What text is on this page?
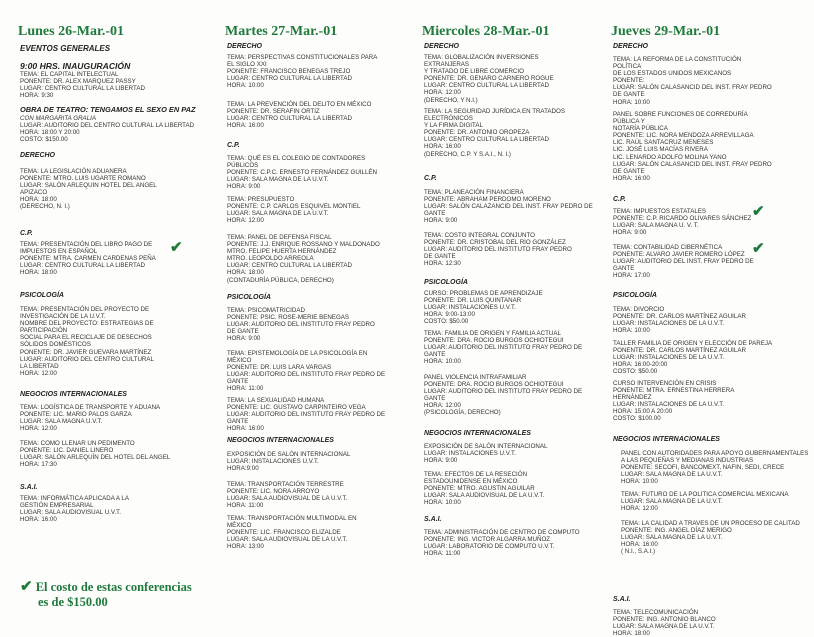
Lunes 26-Mar.-01
EVENTOS GENERALES
9:00 HRS. INAUGURACIÓN
TEMA: EL CAPITAL INTELECTUAL
PONENTE: DR. ALEX MARQUEZ PASSY
LUGAR: CENTRO CULTURAL LA LIBERTAD
HORA: 9:30
OBRA DE TEATRO: TENGAMOS EL SEXO EN PAZ
CON MARGARITA GRALIA
LUGAR: AUDITORIO DEL CENTRO CULTURAL LA LIBERTAD
HORA: 18:00 Y 20:00
COSTO: $150.00
DERECHO
TEMA: LA LEGISLACIÓN ADUANERA
PONENTE: MTRO. LUIS UGARTE ROMANO
LUGAR: SALÓN ARLEQUIN HOTEL DEL ANGEL
APIZACO
HORA: 18:00
(DERECHO, N. I.)
C.P.
TEMA: PRESENTACIÓN DEL LIBRO PAGO DE
IMPUESTOS EN ESPAÑOL
PONENTE: MTRA. CARMEN CARDENAS PEÑA
LUGAR: CENTRO CULTURAL LA LIBERTAD
HORA: 18:00
PSICOLOGÍA
TEMA: PRESENTACIÓN DEL PROYECTO DE
INVESTIGACIÓN DE LA U.V.T.
NOMBRE DEL PROYECTO: ESTRATEGIAS DE
PARTICIPACIÓN
SOCIAL PARA EL RECICLAJE DE DESECHOS
SÓLIDOS DOMÉSTICOS
PONENTE: DR. JAVIER GUEVARA MARTÍNEZ
LUGAR: AUDITORIO DEL CENTRO CULTURAL
LA LIBERTAD
HORA: 12:00
NEGOCIOS INTERNACIONALES
TEMA: LOGÍSTICA DE TRANSPORTE Y ADUANA
PONENTE: LIC. MARIO PALOS GARZA
LUGAR: SALA MAGNA U.V.T.
HORA: 12:00
TEMA: COMO LLENAR UN PEDIMENTO
PONENTE: LIC. DANIEL LINERO
LUGAR: SALÓN ARLEQUÍN DEL HOTEL DEL ANGEL
HORA: 17:30
S.A.I.
TEMA: INFORMÁTICA APLICADA A LA
GESTIÓN EMPRESARIAL
LUGAR: SALA AUDIOVISUAL U.V.T.
HORA: 16:00
Martes 27-Mar.-01
DERECHO
TEMA: PERSPECTIVAS CONSTITUCIONALES PARA
EL SIGLO XXI
PONENTE: FRANCISCO BENEGAS TREJO
LUGAR: CENTRO CULTURAL LA LIBERTAD
HORA: 10:00
TEMA: LA PREVENCIÓN DEL DELITO EN MÉXICO
PONENTE: DR. SERAFIN ORTIZ
LUGAR: CENTRO CULTURAL LA LIBERTAD
HORA: 16:00
C.P.
TEMA: QUÉ ES EL COLEGIO DE CONTADORES
PÚBLICOS
PONENTE: C.P.C. ERNESTO FERNÁNDEZ GUILLÉN
LUGAR: SALA MAGNA DE LA U.V.T.
HORA: 9:00
TEMA: PRESUPUESTO
PONENTE: C.P. CARLOS ESQUIVEL MONTIEL
LUGAR: SALA MAGNA DE LA U.V.T.
HORA: 12:00
TEMA: PANEL DE DEFENSA FISCAL
PONENTE: J.J. ENRIQUE ROSSANO Y MALDONADO
MTRO. FELIPE HUERTA HERNÁNDEZ
MTRO. LEOPOLDO ARREOLA
LUGAR: CENTRO CULTURAL LA LIBERTAD
HORA: 18:00
(CONTADURÍA PÚBLICA, DERECHO)
PSICOLOGÍA
TEMA: PSICOMATRICIDAD
PONENTE: PSIC. ROSE-MERIE BENEGAS
LUGAR: AUDITORIO DEL INSTITUTO FRAY PEDRO
DE GANTE
HORA: 9:00
TEMA: EPISTEMOLOGÍA DE LA PSICOLOGÍA EN
MÉXICO
PONENTE: DR. LUIS LARA VARGAS
LUGAR: AUDITORIO DEL INSTITUTO FRAY PEDRO DE
GANTE
HORA: 11:00
TEMA: LA SEXUALIDAD HUMANA
PONENTE: LIC. GUSTAVO CARPINTEIRO VEGA
LUGAR: AUDITORIO DEL INSTITUTO FRAY PEDRO DE
GANTE
HORA: 16:00
NEGOCIOS INTERNACIONALES
EXPOSICIÓN DE SALÓN INTERNACIONAL
LUGAR: INSTALACIONES U.V.T.
HORA:9:00
TEMA: TRANSPORTACIÓN TERRESTRE
PONENTE: LIC. NORA ARROYO
LUGAR: SALA AUDIOVISUAL DE LA U.V.T.
HORA: 11:00
TEMA: TRANSPORTACIÓN MULTIMODAL EN
MÉXICO
PONENTE: LIC. FRANCISCO ELIZALDE
LUGAR: SALA AUDIOVISUAL DE LA U.V.T.
HORA: 13:00
Miercoles 28-Mar.-01
DERECHO
TEMA: GLOBALIZACIÓN INVERSIONES
EXTRANJERAS
Y TRATADO DE LIBRE COMERCIO
PONENTE: DR. GENARO CARNERO ROGUE
LUGAR: CENTRO CULTURAL LA LIBERTAD
HORA: 12:00
(DERECHO, Y N.I.)
TEMA: LA SEGURIDAD JURÍDICA EN TRATADOS
ELECTRÓNICOS
Y LA FIRMA DIGITAL
PONENTE: DR. ANTONIO OROPEZA
LUGAR: CENTRO CULTURAL LA LIBERTAD
HORA: 16:00
(DERECHO, C.P. Y S.A.I., N. I.)
C.P.
TEMA: PLANEACIÓN FINANCIERA
PONENTE: ABRAHAM PERDOMO MORENO
LUGAR: SALÓN CALAZANCID DEL INST. FRAY PEDRO DE
GANTE
HORA: 9:00
TEMA: COSTO INTEGRAL CONJUNTO
PONENTE: DR. CRISTOBAL DEL RIO GONZÁLEZ
LUGAR: AUDITORIO DEL INSTITUTO FRAY PEDRO
DE GANTE
HORA: 12:30
PSICOLOGÍA
CURSO: PROBLEMAS DE APRENDIZAJE
PONENTE: DR. LUIS QUINTANAR
LUGAR: INSTALACIONES U.V.T.
HORA: 9:00-13:00
COSTO: $50.00
TEMA: FAMILIA DE ORIGEN Y FAMILIA ACTUAL
PONENTE: DRA. ROCIO BURGOS OCHIOTEGUI
LUGAR: AUDITORIO DEL INSTITUTO FRAY PEDRO DE
GANTE
HORA: 10:00
PANEL VIOLENCIA INTRAFAMILIAR
PONENTE: DRA. ROCIO BURGOS OCHIOTEGUI
LUGAR: AUDITORIO DEL INSTITUTO FRAY PEDRO DE
GANTE
HORA: 12:00
(PSICOLOGÍA, DERECHO)
NEGOCIOS INTERNACIONALES
EXPOSICIÓN DE SALÓN INTERNACIONAL
LUGAR: INSTALACIONES U.V.T.
HORA: 9:00
TEMA: EFECTOS DE LA RESECIÓN
ESTADOUNIDENSE EN MÉXICO
PONENTE: MTRO. AGUSTIN AGUILAR
LUGAR: SALA AUDIOVISUAL DE LA U.V.T.
HORA: 10:00
S.A.I.
TEMA: ADMINISTRACIÓN DE CENTRO DE COMPUTO
PONENTE: ING. VICTOR ALGARRA MUÑOZ
LUGAR: LABORATORIO DE COMPUTO U.V.T.
HORA: 11:00
Jueves 29-Mar.-01
DERECHO
TEMA: LA REFORMA DE LA CONSTITUCIÓN
POLÍTICA
DE LOS ESTADOS UNIDOS MEXICANOS
PONENTE:
LUGAR: SALÓN CALASANCID DEL INST. FRAY PEDRO
DE GANTE
HORA: 10:00
PANEL SOBRE FUNCIONES DE CORREDURÍA
PÚBLICA Y
NOTARÍA PÚBLICA
PONENTE: LIC. NORA MENDOZA ARREVILLAGA
LIC. RAÚL SANTACRUZ MENESES
LIC. JOSÉ LUIS MACÍAS RIVERA
LIC. LENARDO ADOLFO MOLINA YANO
LUGAR: SALÓN CALASANCID DEL INST. FRAY PEDRO
DE GANTE
HORA: 16:00
C.P.
TEMA: IMPUESTOS ESTATALES
PONENTE: C.P. RICARDO OLIVARES SÁNCHEZ
LUGAR: SALA MAGNA U. V. T.
HORA: 9:00
TEMA: CONTABILIDAD CIBERNÉTICA
PONENTE: ALVARO JAVIER ROMERO LÓPEZ
LUGAR: AUDITORIO DEL INST. FRAY PEDRO DE
GANTE
HORA: 17:00
PSICOLOGÍA
TEMA: DIVORCIO
PONENTE: DR. CARLOS MARTÍNEZ AGUILAR
LUGAR: INSTALACIONES DE LA U.V.T.
HORA: 10:00
TALLER FAMILIA DE ORIGEN Y ELECCIÓN DE PAREJA
PONENTE: DR. CARLOS MARTÍNEZ AGUILAR
LUGAR: INSTALACIONES DE LA U.V.T.
HORA: 16:00-20:00
COSTO: $50.00
CURSO INTERVENCIÓN EN CRISIS
PONENTE: MTRA. ERNESTINA HERRERA
HERNÁNDEZ
LUGAR: INSTALACIONES DE LA U.V.T.
HORA: 15:00 A 20:00
COSTO: $100.00
NEGOCIOS INTERNACIONALES
PANEL CON AUTORIDADES PARA APOYO GUBERNAMENTALES
A LAS PEQUEÑAS Y MEDIANAS INDUSTRIAS
PONENTE: SECOFI, BANCOMEXT, NAFIN, SEDI, CRECE
LUGAR: SALA MAGNA DE LA U.V.T.
HORA: 10:00
TEMA: FUTURO DE LA POLITICA COMERCIAL MEXICANA
LUGAR: SALA MAGNA DE LA U.V.T.
HORA: 12:00
TEMA: LA CALIDAD A TRAVES DE UN PROCESO DE CALITAD
PONENTE: ING. ANGEL DÍAZ MERIGO
LUGAR: SALA MAGNA DE LA U.V.T.
HORA: 16:00
( N.I., S.A.I.)
S.A.I.
TEMA: TELECOMUNICACIÓN
PONENTE: ING. ANTONIO BLANCO
LUGAR: SALA MAGNA DE LA U.V.T.
HORA: 18:00
✔
✔
✔
✔ El costo de estas conferencias
es de $150.00
